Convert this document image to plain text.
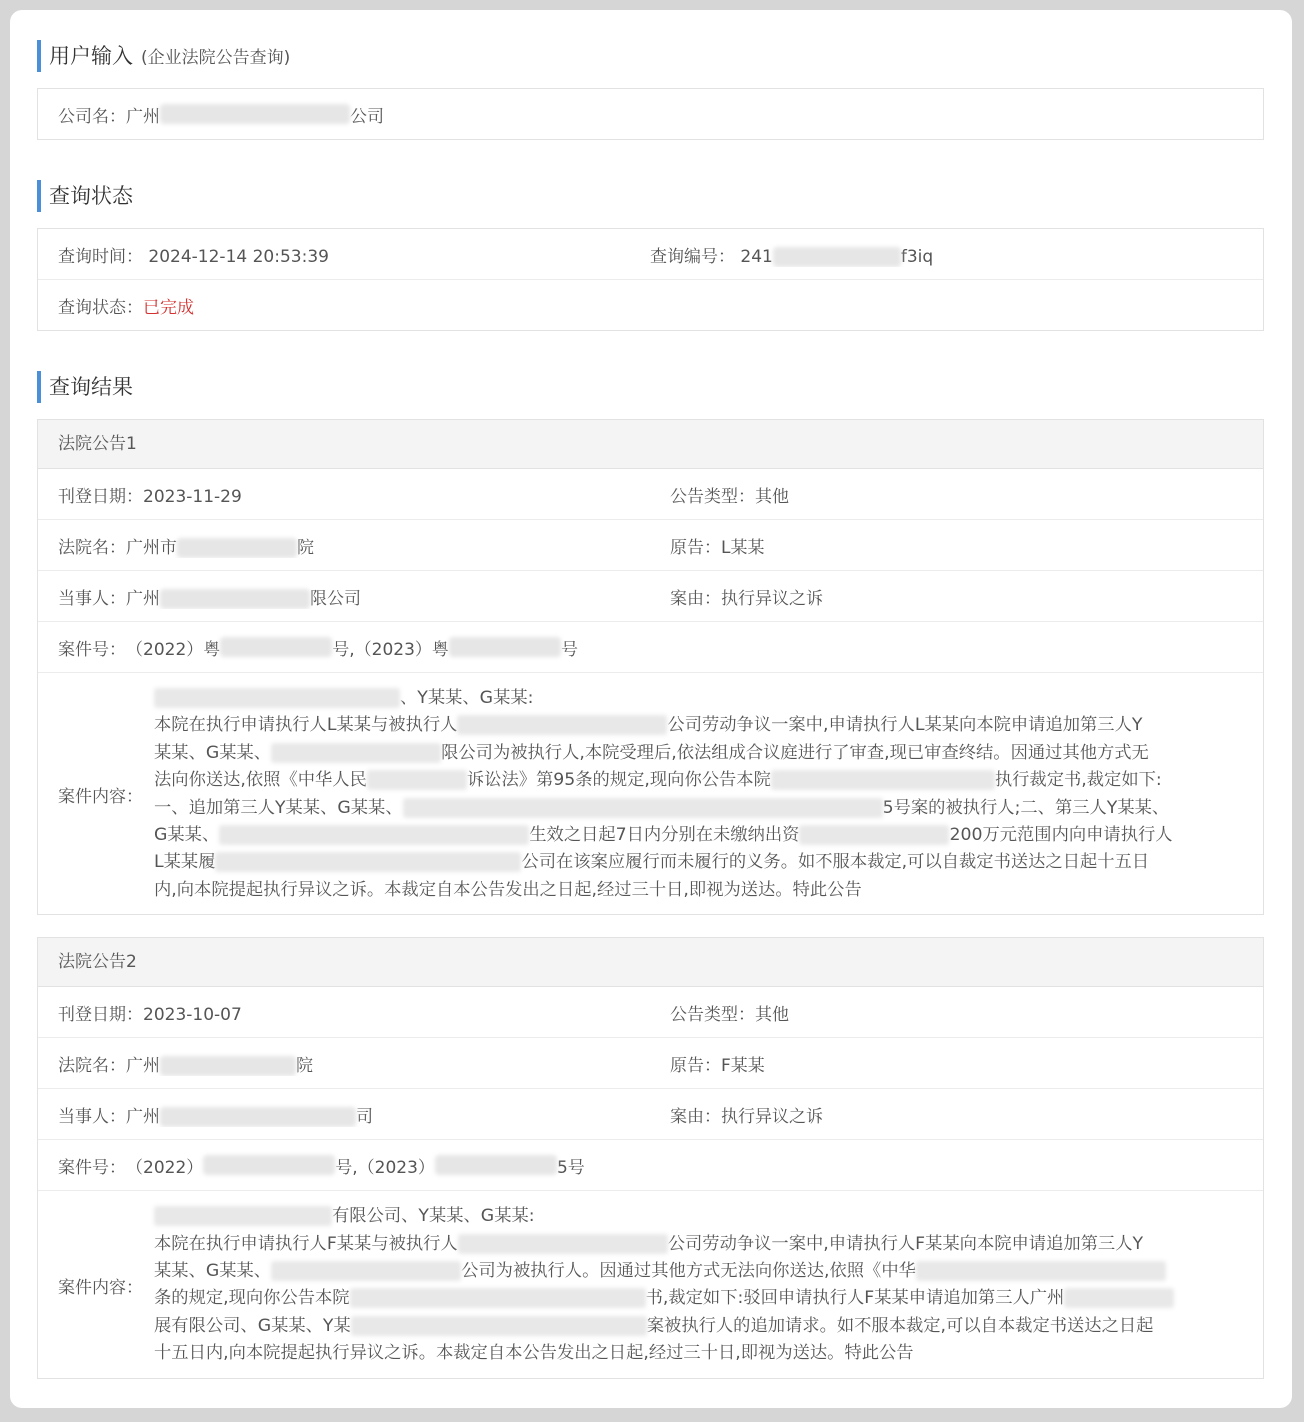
用户输入 (企业法院公告查询)
公司名： 广州	公司
查询状态
查询时间： 2024-12-14 20:53:39	查询编号： 241	f3iq
查询状态： 已完成
查询结果
法院公告1
刊登日期：2023-11-29	公告类型：其他
法院名：广州市	院	原告：L某某
当事人：广州	限公司	案由：执行异议之诉
案件号： （2022）粤	号,（2023）粤	号
案件内容：
、Y某某、G某某:
本院在执行申请执行人L某某与被执行人	公司劳动争议一案中,申请执行人L某某向本院申请追加第三人Y
某某、G某某、	限公司为被执行人,本院受理后,依法组成合议庭进行了审查,现已审查终结。因通过其他方式无
法向你送达,依照《中华人民	诉讼法》第95条的规定,现向你公告本院	执行裁定书,裁定如下:
一、追加第三人Y某某、G某某、	5号案的被执行人;二、第三人Y某某、
G某某、	生效之日起7日内分别在未缴纳出资	200万元范围内向申请执行人
L某某履	公司在该案应履行而未履行的义务。如不服本裁定,可以自裁定书送达之日起十五日
内,向本院提起执行异议之诉。本裁定自本公告发出之日起,经过三十日,即视为送达。特此公告
法院公告2
刊登日期：2023-10-07	公告类型：其他
法院名：广州	院	原告：F某某
当事人：广州	司	案由：执行异议之诉
案件号： （2022）	号,（2023）	5号
案件内容：
有限公司、Y某某、G某某:
本院在执行申请执行人F某某与被执行人	公司劳动争议一案中,申请执行人F某某向本院申请追加第三人Y
某某、G某某、	公司为被执行人。因通过其他方式无法向你送达,依照《中华
条的规定,现向你公告本院	书,裁定如下:驳回申请执行人F某某申请追加第三人广州
展有限公司、G某某、Y某	案被执行人的追加请求。如不服本裁定,可以自本裁定书送达之日起
十五日内,向本院提起执行异议之诉。本裁定自本公告发出之日起,经过三十日,即视为送达。特此公告
